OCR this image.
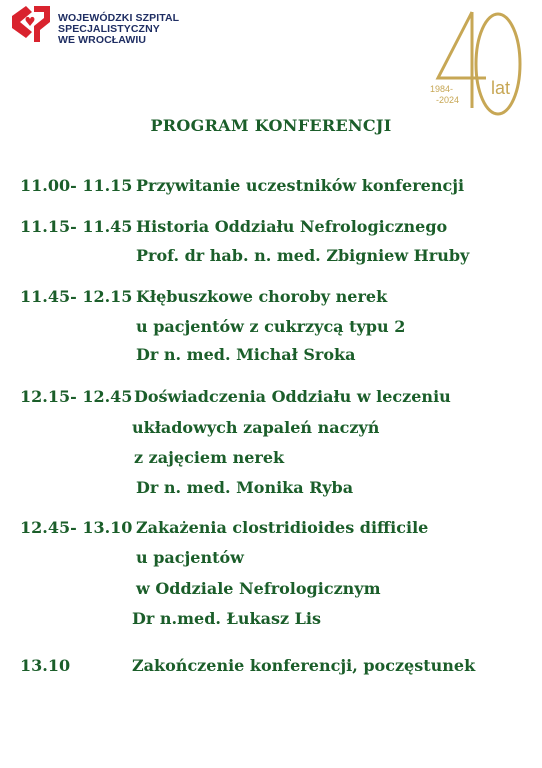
WOJEWÓDZKI SZPITAL SPECJALISTYCZNY
WE WROCŁAWIU
1984-
-2024
lat
PROGRAM KONFERENCJI
11.00- 11.15 Przywitanie uczestników konferencji
11.15- 11.45 Historia Oddziału Nefrologicznego
Prof. dr hab. n. med. Zbigniew Hruby
11.45- 12.15 Kłębuszkowe choroby nerek
u pacjentów z cukrzycą typu 2
Dr n. med. Michał Sroka
12.15- 12.45 Doświadczenia Oddziału w leczeniu
układowych zapaleń naczyń
z zajęciem nerek
Dr n. med. Monika Ryba
12.45- 13.10 Zakażenia clostridioides difficile
u pacjentów
w Oddziale Nefrologicznym
Dr n.med. Łukasz Lis
13.10	Zakończenie konferencji, poczęstunek
